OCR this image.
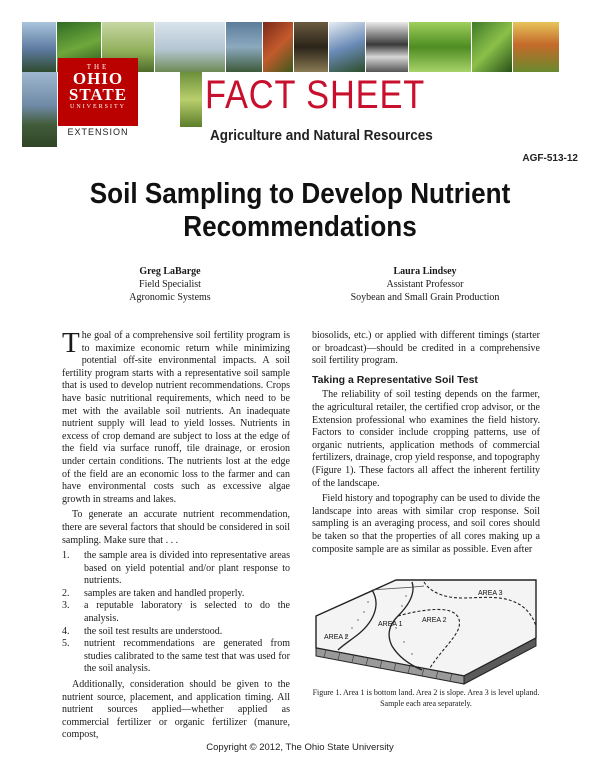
THE
OHIO
STATE
UNIVERSITY
EXTENSION
FACT SHEET
Agriculture and Natural Resources
AGF-513-12
Soil Sampling to Develop Nutrient Recommendations
Greg LaBarge
Field Specialist
Agronomic Systems
Laura Lindsey
Assistant Professor
Soybean and Small Grain Production

The goal of a comprehensive soil fertility program is to maximize economic return while minimizing potential off-site environmental impacts. A soil fertility program starts with a representative soil sample that is used to develop nutrient recommendations. Crops have basic nutritional requirements, which need to be met with the available soil nutrients. An inadequate nutrient supply will lead to yield losses. Nutrients in excess of crop demand are subject to loss at the edge of the field via surface runoff, tile drainage, or erosion under certain conditions. The nutrients lost at the edge of the field are an economic loss to the farmer and can have environmental costs such as excessive algae growth in streams and lakes.

To generate an accurate nutrient recommendation, there are several factors that should be considered in soil sampling. Make sure that . . .

1.	the sample area is divided into representative areas based on yield potential and/or plant response to nutrients.
2.	samples are taken and handled properly.
3.	a reputable laboratory is selected to do the analysis.
4.	the soil test results are understood.
5.	nutrient recommendations are generated from studies calibrated to the same test that was used for the soil analysis.

Additionally, consideration should be given to the nutrient source, placement, and application timing. All nutrient sources applied—whether applied as commercial fertilizer or organic fertilizer (manure, compost,

biosolids, etc.) or applied with different timings (starter or broadcast)—should be credited in a comprehensive soil fertility program.

Taking a Representative Soil Test

The reliability of soil testing depends on the farmer, the agricultural retailer, the certified crop advisor, or the Extension professional who examines the field history. Factors to consider include cropping patterns, use of organic nutrients, application methods of commercial fertilizers, drainage, crop yield response, and topography (Figure 1). These factors all affect the inherent fertility of the landscape.

Field history and topography can be used to divide the landscape into areas with similar crop response. Soil sampling is an averaging process, and soil cores should be taken so that the properties of all cores making up a composite sample are as similar as possible. Even after

AREA 3
AREA 2
AREA 1
AREA 2
Figure 1. Area 1 is bottom land. Area 2 is slope. Area 3 is level upland. Sample each area separately.
Copyright © 2012, The Ohio State University
